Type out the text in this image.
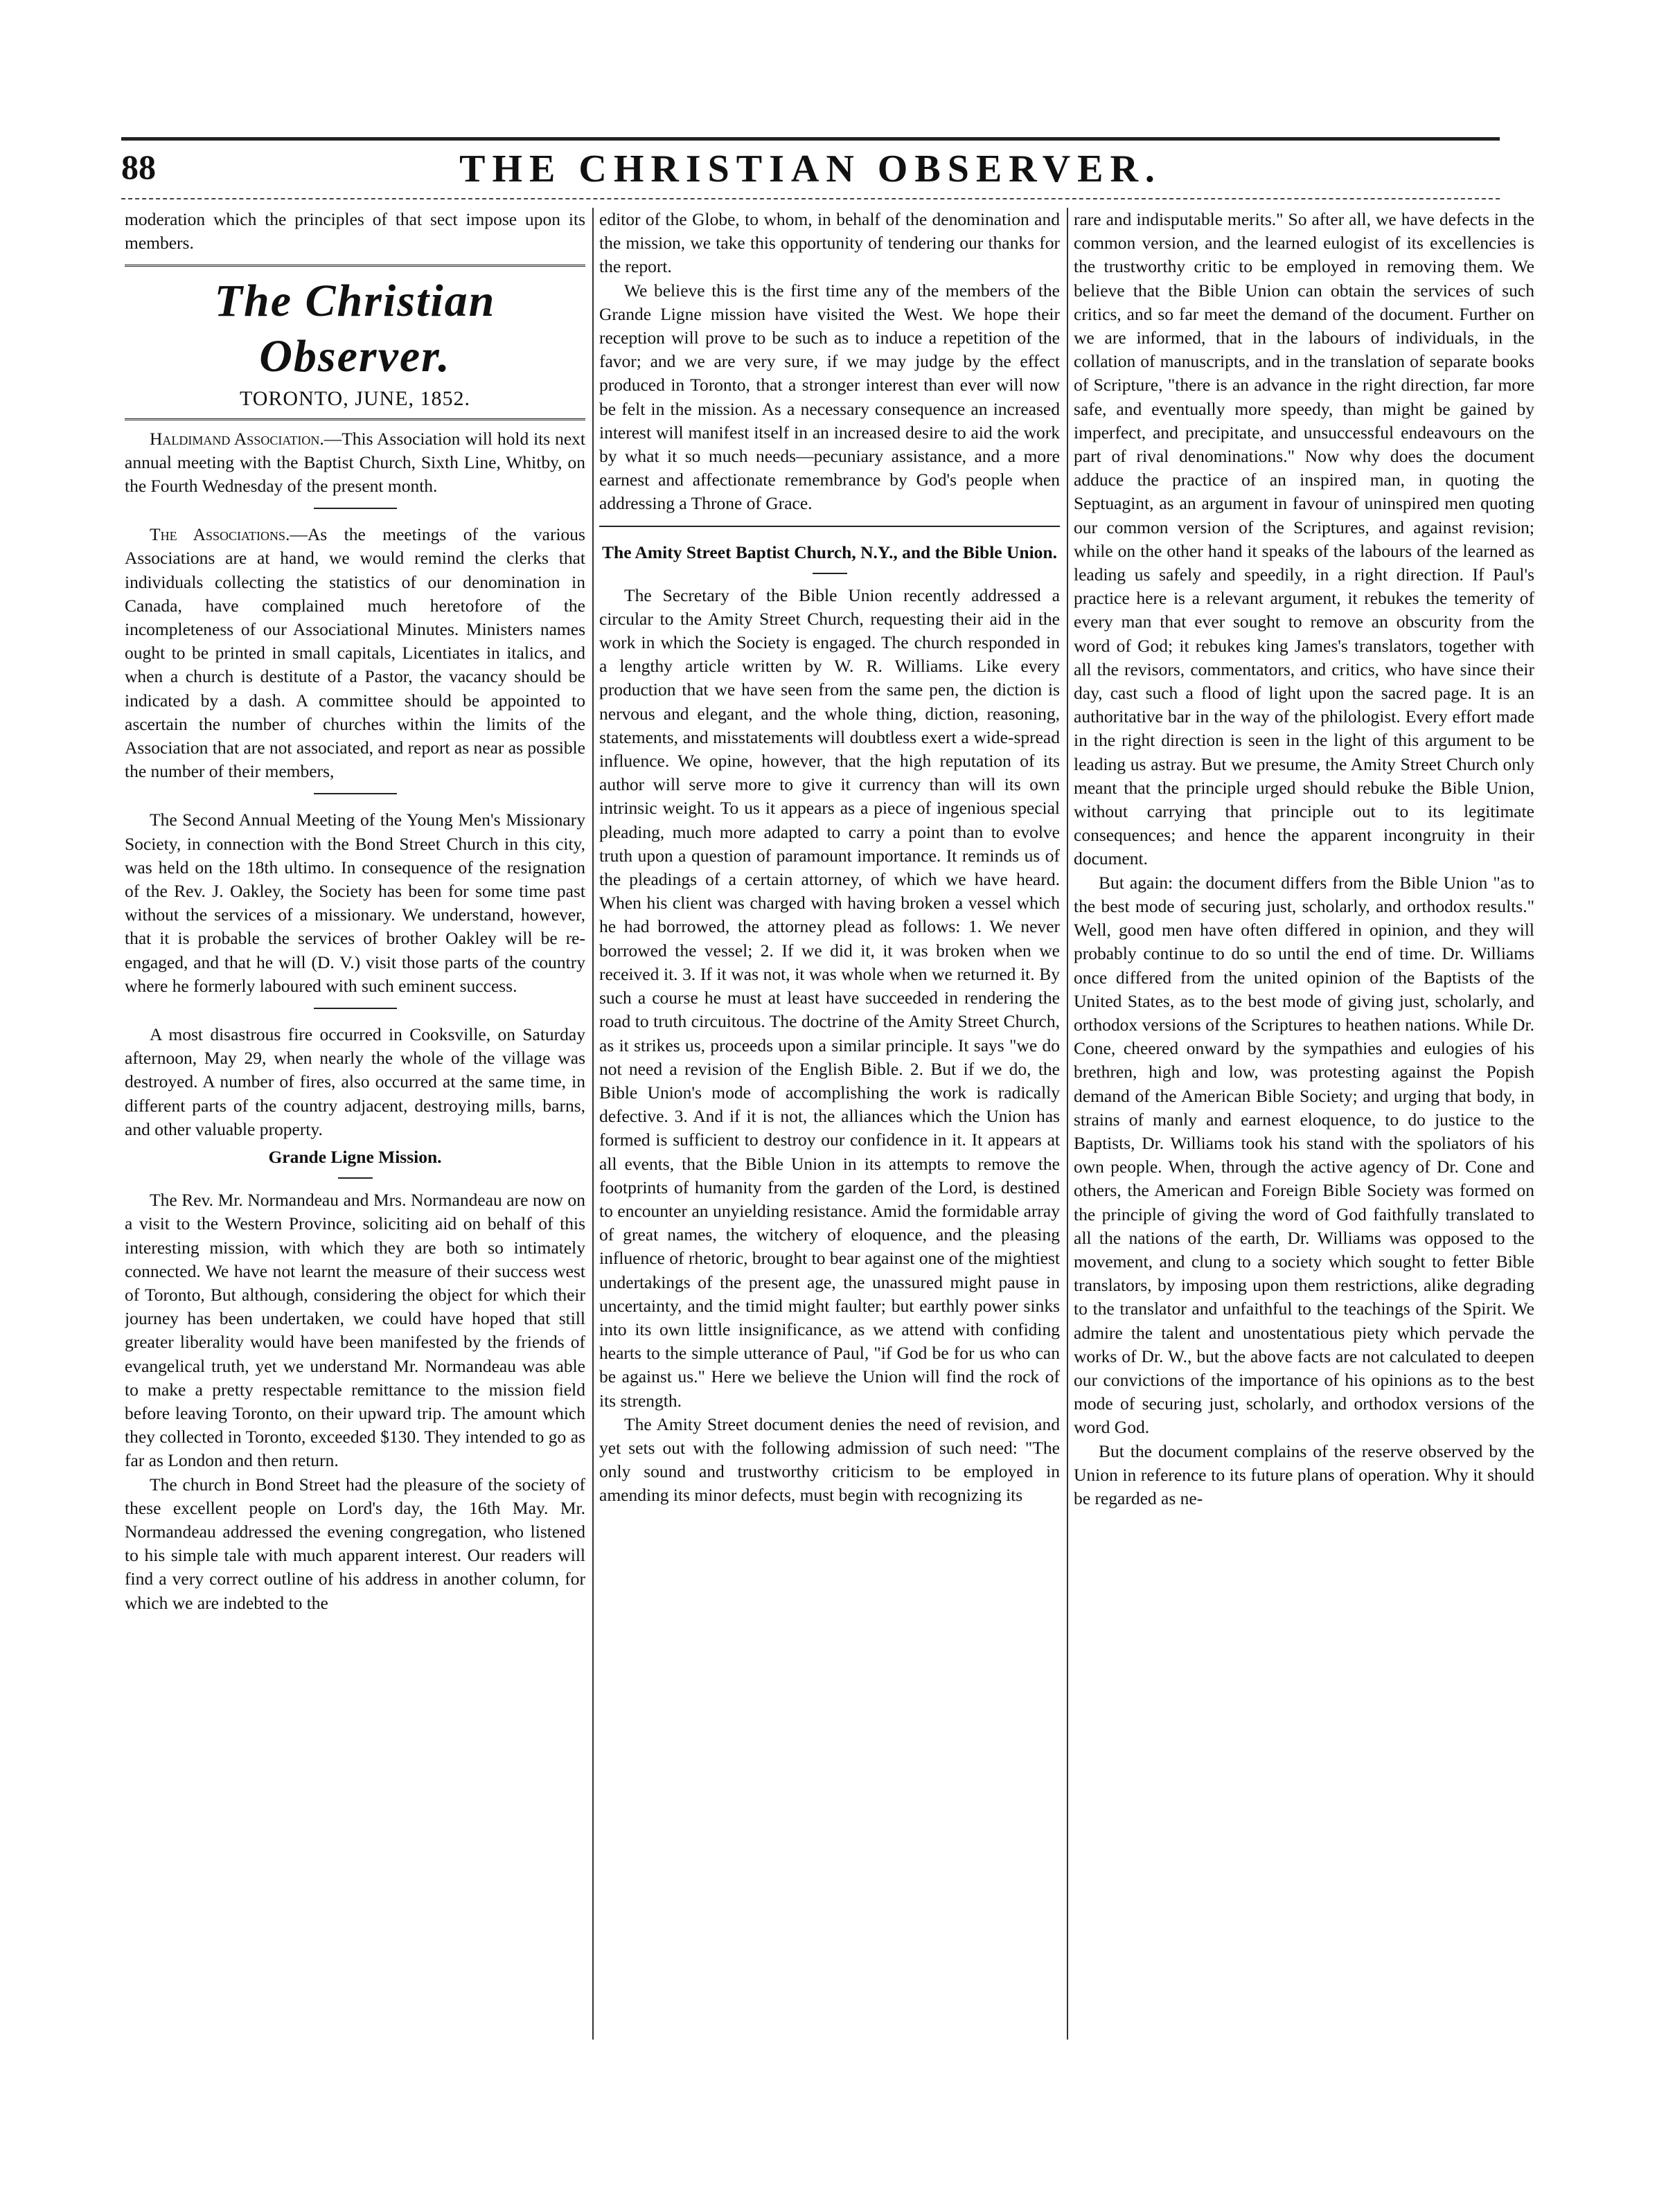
88	THE CHRISTIAN OBSERVER.

moderation which the principles of that sect impose upon its members.

The Christian Observer.
TORONTO, JUNE, 1852.

Haldimand Association.—This Association will hold its next annual meeting with the Baptist Church, Sixth Line, Whitby, on the Fourth Wednesday of the present month.

The Associations.—As the meetings of the various Associations are at hand, we would remind the clerks that individuals collecting the statistics of our denomination in Canada, have complained much heretofore of the incompleteness of our Associational Minutes. Ministers names ought to be printed in small capitals, Licentiates in italics, and when a church is destitute of a Pastor, the vacancy should be indicated by a dash. A committee should be appointed to ascertain the number of churches within the limits of the Association that are not associated, and report as near as possible the number of their members,

The Second Annual Meeting of the Young Men's Missionary Society, in connection with the Bond Street Church in this city, was held on the 18th ultimo. In consequence of the resignation of the Rev. J. Oakley, the Society has been for some time past without the services of a missionary. We understand, however, that it is probable the services of brother Oakley will be re-engaged, and that he will (D. V.) visit those parts of the country where he formerly laboured with such eminent success.

A most disastrous fire occurred in Cooksville, on Saturday afternoon, May 29, when nearly the whole of the village was destroyed. A number of fires, also occurred at the same time, in different parts of the country adjacent, destroying mills, barns, and other valuable property.

Grande Ligne Mission.

The Rev. Mr. Normandeau and Mrs. Normandeau are now on a visit to the Western Province, soliciting aid on behalf of this interesting mission, with which they are both so intimately connected. We have not learnt the measure of their success west of Toronto, But although, considering the object for which their journey has been undertaken, we could have hoped that still greater liberality would have been manifested by the friends of evangelical truth, yet we understand Mr. Normandeau was able to make a pretty respectable remittance to the mission field before leaving Toronto, on their upward trip. The amount which they collected in Toronto, exceeded $130. They intended to go as far as London and then return.

The church in Bond Street had the pleasure of the society of these excellent people on Lord's day, the 16th May. Mr. Normandeau addressed the evening congregation, who listened to his simple tale with much apparent interest. Our readers will find a very correct outline of his address in another column, for which we are indebted to the

editor of the Globe, to whom, in behalf of the denomination and the mission, we take this opportunity of tendering our thanks for the report.

We believe this is the first time any of the members of the Grande Ligne mission have visited the West. We hope their reception will prove to be such as to induce a repetition of the favor; and we are very sure, if we may judge by the effect produced in Toronto, that a stronger interest than ever will now be felt in the mission. As a necessary consequence an increased interest will manifest itself in an increased desire to aid the work by what it so much needs—pecuniary assistance, and a more earnest and affectionate remembrance by God's people when addressing a Throne of Grace.

The Amity Street Baptist Church, N.Y., and the Bible Union.

The Secretary of the Bible Union recently addressed a circular to the Amity Street Church, requesting their aid in the work in which the Society is engaged. The church responded in a lengthy article written by W. R. Williams. Like every production that we have seen from the same pen, the diction is nervous and elegant, and the whole thing, diction, reasoning, statements, and misstatements will doubtless exert a wide-spread influence. We opine, however, that the high reputation of its author will serve more to give it currency than will its own intrinsic weight. To us it appears as a piece of ingenious special pleading, much more adapted to carry a point than to evolve truth upon a question of paramount importance. It reminds us of the pleadings of a certain attorney, of which we have heard. When his client was charged with having broken a vessel which he had borrowed, the attorney plead as follows: 1. We never borrowed the vessel; 2. If we did it, it was broken when we received it. 3. If it was not, it was whole when we returned it. By such a course he must at least have succeeded in rendering the road to truth circuitous. The doctrine of the Amity Street Church, as it strikes us, proceeds upon a similar principle. It says "we do not need a revision of the English Bible. 2. But if we do, the Bible Union's mode of accomplishing the work is radically defective. 3. And if it is not, the alliances which the Union has formed is sufficient to destroy our confidence in it. It appears at all events, that the Bible Union in its attempts to remove the footprints of humanity from the garden of the Lord, is destined to encounter an unyielding resistance. Amid the formidable array of great names, the witchery of eloquence, and the pleasing influence of rhetoric, brought to bear against one of the mightiest undertakings of the present age, the unassured might pause in uncertainty, and the timid might faulter; but earthly power sinks into its own little insignificance, as we attend with confiding hearts to the simple utterance of Paul, "if God be for us who can be against us." Here we believe the Union will find the rock of its strength.

The Amity Street document denies the need of revision, and yet sets out with the following admission of such need: "The only sound and trustworthy criticism to be employed in amending its minor defects, must begin with recognizing its

rare and indisputable merits." So after all, we have defects in the common version, and the learned eulogist of its excellencies is the trustworthy critic to be employed in removing them. We believe that the Bible Union can obtain the services of such critics, and so far meet the demand of the document. Further on we are informed, that in the labours of individuals, in the collation of manuscripts, and in the translation of separate books of Scripture, "there is an advance in the right direction, far more safe, and eventually more speedy, than might be gained by imperfect, and precipitate, and unsuccessful endeavours on the part of rival denominations." Now why does the document adduce the practice of an inspired man, in quoting the Septuagint, as an argument in favour of uninspired men quoting our common version of the Scriptures, and against revision; while on the other hand it speaks of the labours of the learned as leading us safely and speedily, in a right direction. If Paul's practice here is a relevant argument, it rebukes the temerity of every man that ever sought to remove an obscurity from the word of God; it rebukes king James's translators, together with all the revisors, commentators, and critics, who have since their day, cast such a flood of light upon the sacred page. It is an authoritative bar in the way of the philologist. Every effort made in the right direction is seen in the light of this argument to be leading us astray. But we presume, the Amity Street Church only meant that the principle urged should rebuke the Bible Union, without carrying that principle out to its legitimate consequences; and hence the apparent incongruity in their document.

But again: the document differs from the Bible Union "as to the best mode of securing just, scholarly, and orthodox results." Well, good men have often differed in opinion, and they will probably continue to do so until the end of time. Dr. Williams once differed from the united opinion of the Baptists of the United States, as to the best mode of giving just, scholarly, and orthodox versions of the Scriptures to heathen nations. While Dr. Cone, cheered onward by the sympathies and eulogies of his brethren, high and low, was protesting against the Popish demand of the American Bible Society; and urging that body, in strains of manly and earnest eloquence, to do justice to the Baptists, Dr. Williams took his stand with the spoliators of his own people. When, through the active agency of Dr. Cone and others, the American and Foreign Bible Society was formed on the principle of giving the word of God faithfully translated to all the nations of the earth, Dr. Williams was opposed to the movement, and clung to a society which sought to fetter Bible translators, by imposing upon them restrictions, alike degrading to the translator and unfaithful to the teachings of the Spirit. We admire the talent and unostentatious piety which pervade the works of Dr. W., but the above facts are not calculated to deepen our convictions of the importance of his opinions as to the best mode of securing just, scholarly, and orthodox versions of the word God.

But the document complains of the reserve observed by the Union in reference to its future plans of operation. Why it should be regarded as ne-
